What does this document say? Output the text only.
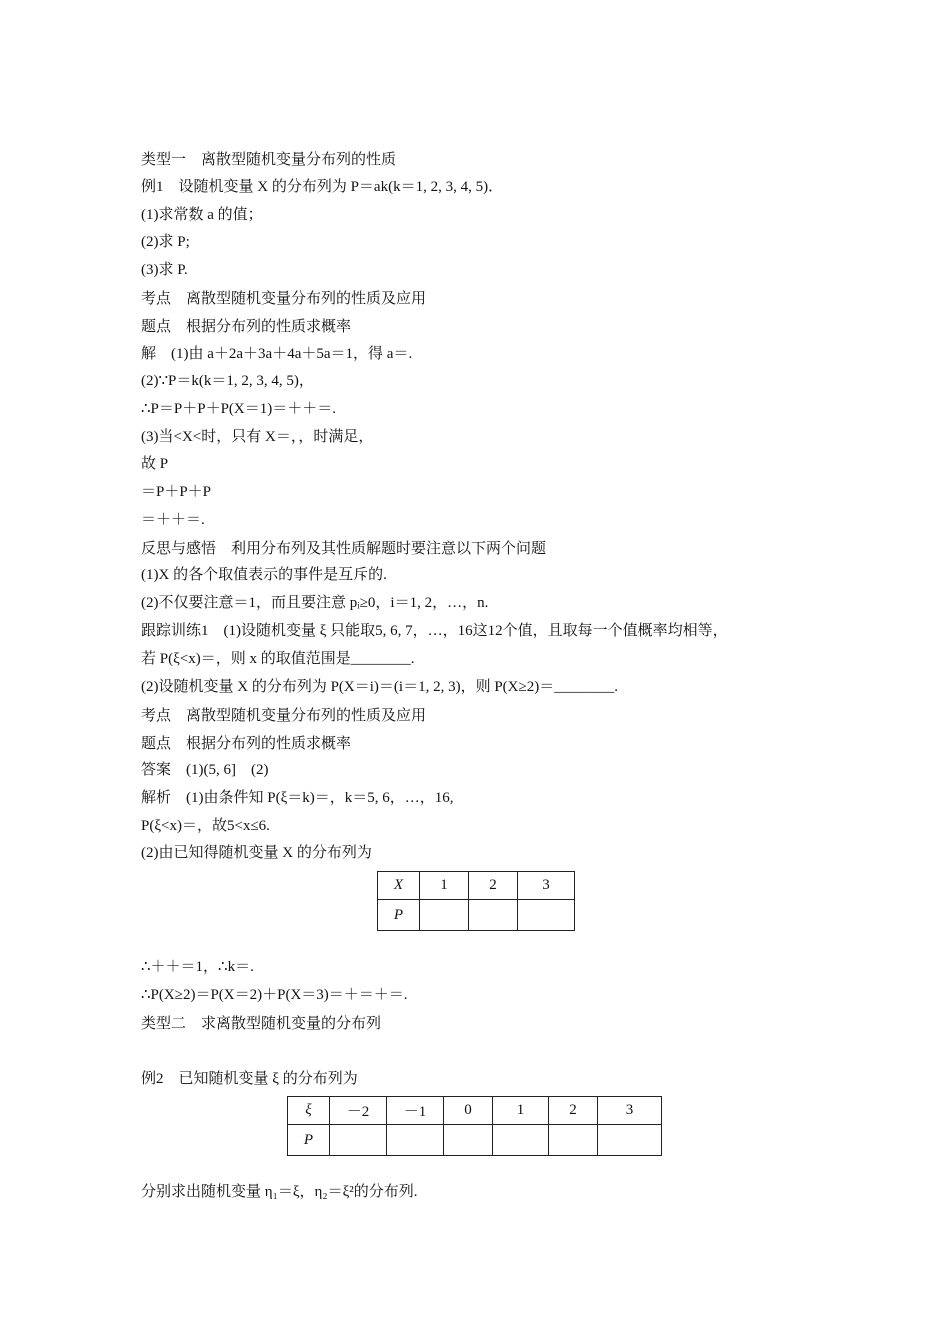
类型一　离散型随机变量分布列的性质
例1　设随机变量 X 的分布列为 P＝ak(k＝1, 2, 3, 4, 5)．
(1)求常数 a 的值；
(2)求 P;
(3)求 P.
考点　离散型随机变量分布列的性质及应用
题点　根据分布列的性质求概率
解　(1)由 a＋2a＋3a＋4a＋5a＝1，得 a＝.
(2)∵P＝k(k＝1, 2, 3, 4, 5)，
∴P＝P＋P＋P(X＝1)＝＋＋＝.
(3)当<X<时，只有 X＝，，时满足，
故 P
＝P＋P＋P
＝＋＋＝.
反思与感悟　利用分布列及其性质解题时要注意以下两个问题
(1)X 的各个取值表示的事件是互斥的.
(2)不仅要注意＝1，而且要注意 pᵢ≥0，i＝1, 2，…，n.
跟踪训练1　(1)设随机变量 ξ 只能取5, 6, 7，…，16这12个值，且取每一个值概率均相等，
若 P(ξ<x)＝，则 x 的取值范围是________.
(2)设随机变量 X 的分布列为 P(X＝i)＝(i＝1, 2, 3)，则 P(X≥2)＝________.
考点　离散型随机变量分布列的性质及应用
题点　根据分布列的性质求概率
答案　(1)(5, 6]　(2)
解析　(1)由条件知 P(ξ＝k)＝，k＝5, 6，…，16,
P(ξ<x)＝，故5<x≤6.
(2)由已知得随机变量 X 的分布列为
X	1	2	3
P			
∴＋＋＝1，∴k＝.
∴P(X≥2)＝P(X＝2)＋P(X＝3)＝＋＝＋＝.
类型二　求离散型随机变量的分布列
例2　已知随机变量 ξ 的分布列为
ξ	－2	－1	0	1	2	3
P						
分别求出随机变量 η₁＝ξ，η₂＝ξ²的分布列.
